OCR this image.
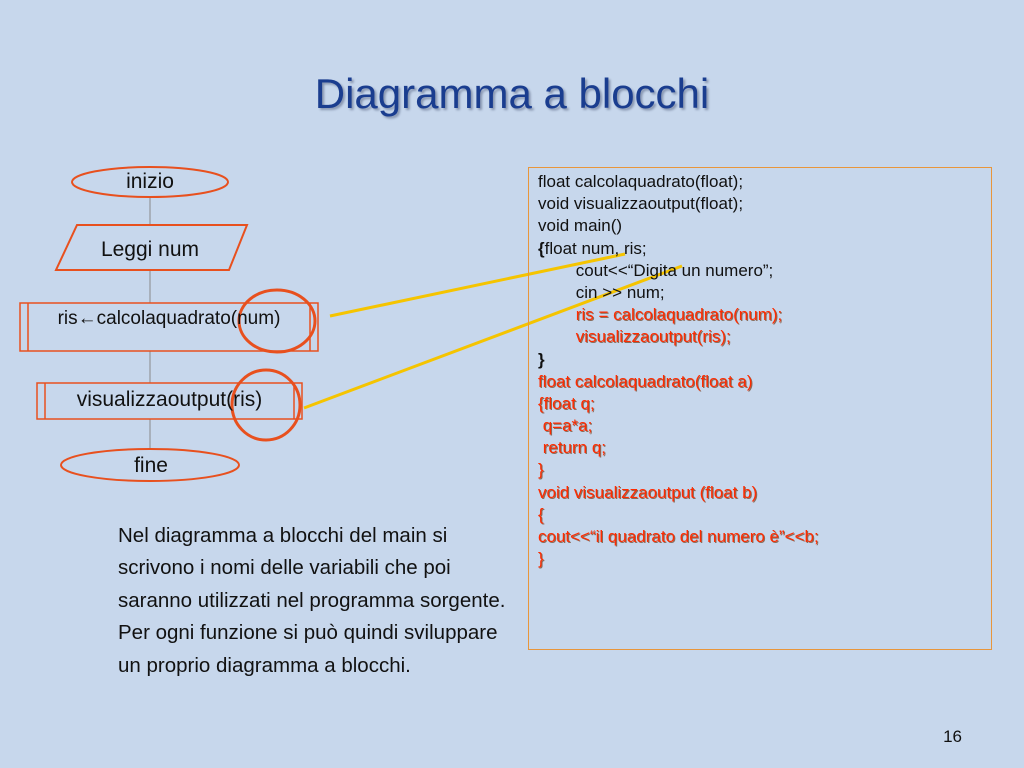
Diagramma a blocchi
inizio
Leggi num
ris←calcolaquadrato(num)
visualizzaoutput(ris)
fine
float calcolaquadrato(float);
void visualizzaoutput(float);
void main()
{float num, ris;
cout<<“Digita un numero”;
cin >> num;
ris = calcolaquadrato(num);
visualizzaoutput(ris);
}
float calcolaquadrato(float a)
{float q;
q=a*a;
return q;
}
void visualizzaoutput (float b)
{
cout<<“il quadrato del numero è”<<b;
}
Nel diagramma a blocchi del main si scrivono i nomi delle variabili che poi saranno utilizzati nel programma sorgente. Per ogni funzione si può quindi sviluppare un proprio diagramma a blocchi.
16
